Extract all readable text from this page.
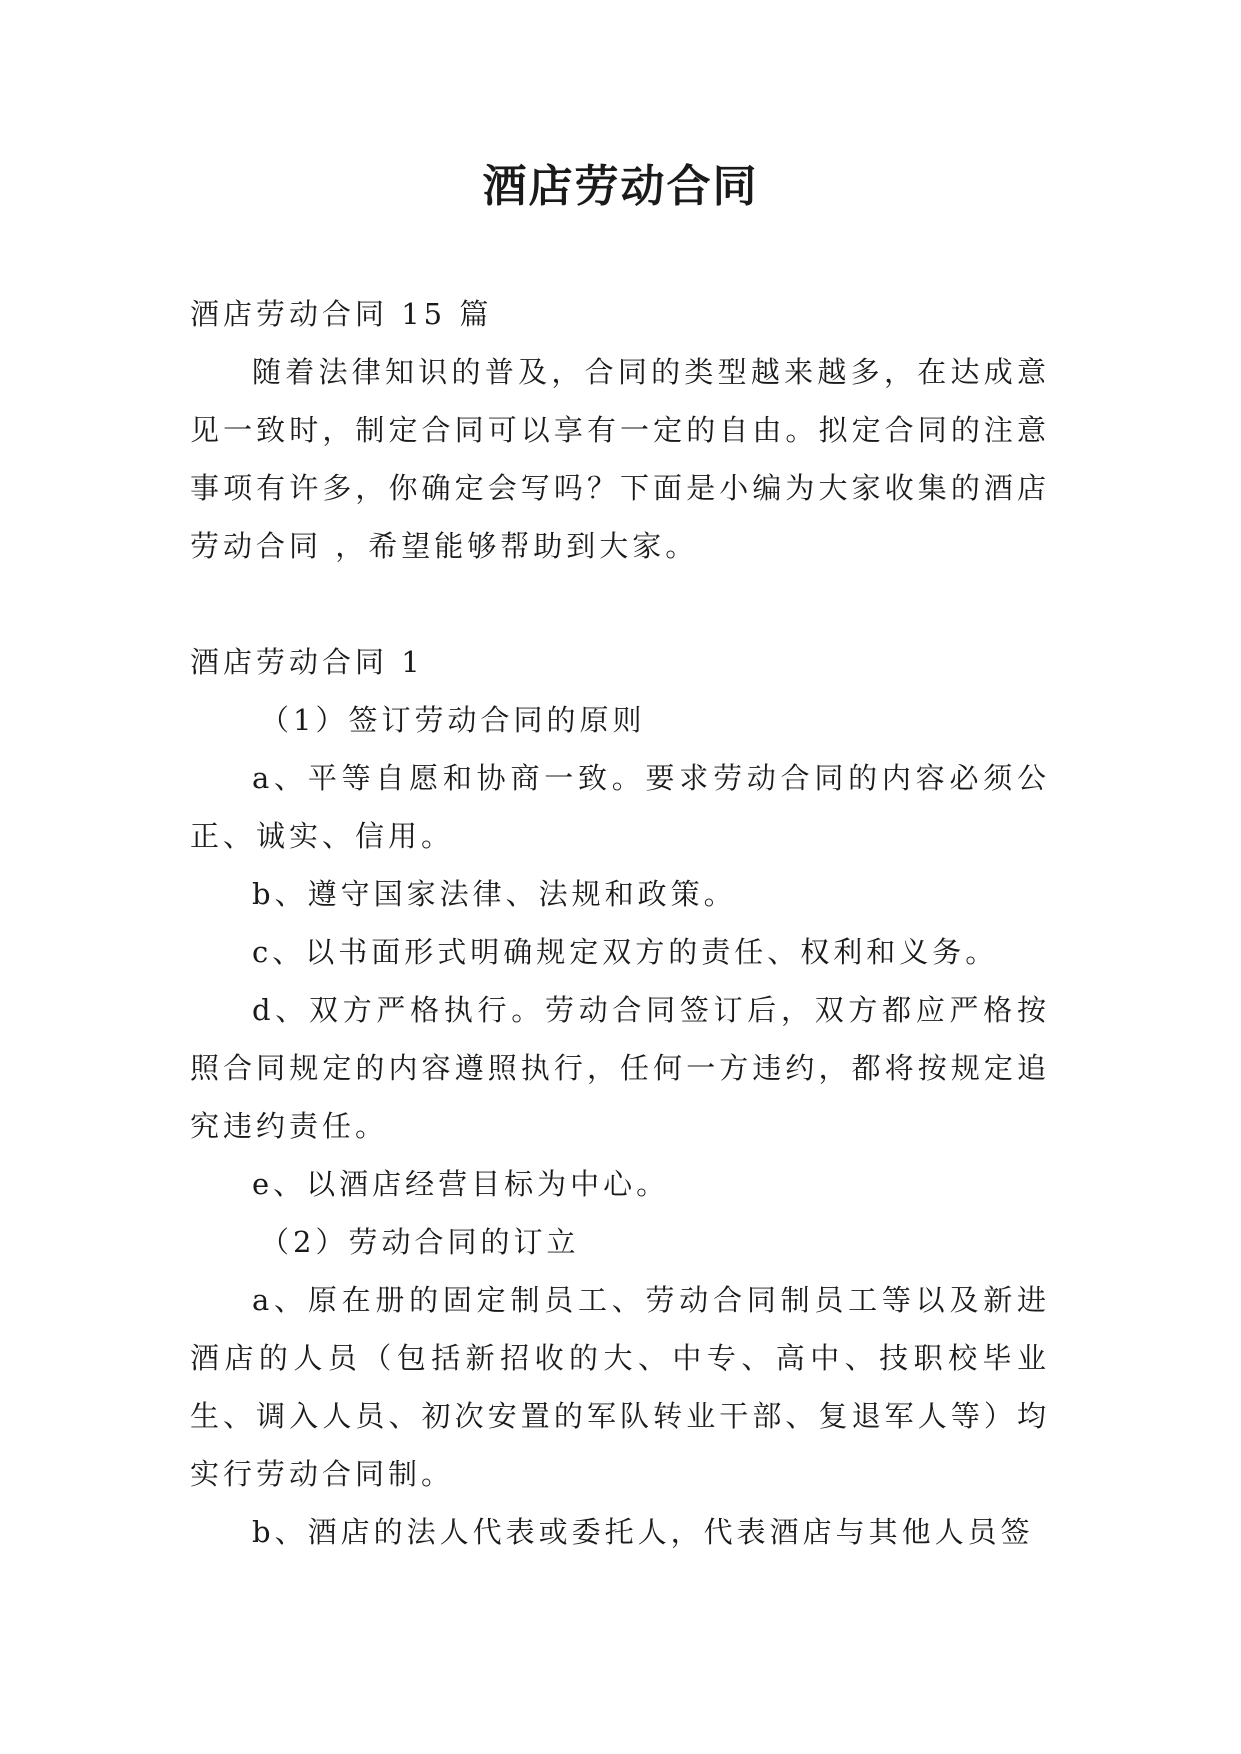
酒店劳动合同

酒店劳动合同 15 篇

随着法律知识的普及，合同的类型越来越多，在达成意见一致时，制定合同可以享有一定的自由。拟定合同的注意事项有许多，你确定会写吗？下面是小编为大家收集的酒店劳动合同 ，希望能够帮助到大家。

酒店劳动合同 1

（1）签订劳动合同的原则

a、平等自愿和协商一致。要求劳动合同的内容必须公正、诚实、信用。

b、遵守国家法律、法规和政策。

c、以书面形式明确规定双方的责任、权利和义务。

d、双方严格执行。劳动合同签订后，双方都应严格按照合同规定的内容遵照执行，任何一方违约，都将按规定追究违约责任。

e、以酒店经营目标为中心。

（2）劳动合同的订立

a、原在册的固定制员工、劳动合同制员工等以及新进酒店的人员（包括新招收的大、中专、高中、技职校毕业生、调入人员、初次安置的军队转业干部、复退军人等）均实行劳动合同制。

b、酒店的法人代表或委托人，代表酒店与其他人员签
